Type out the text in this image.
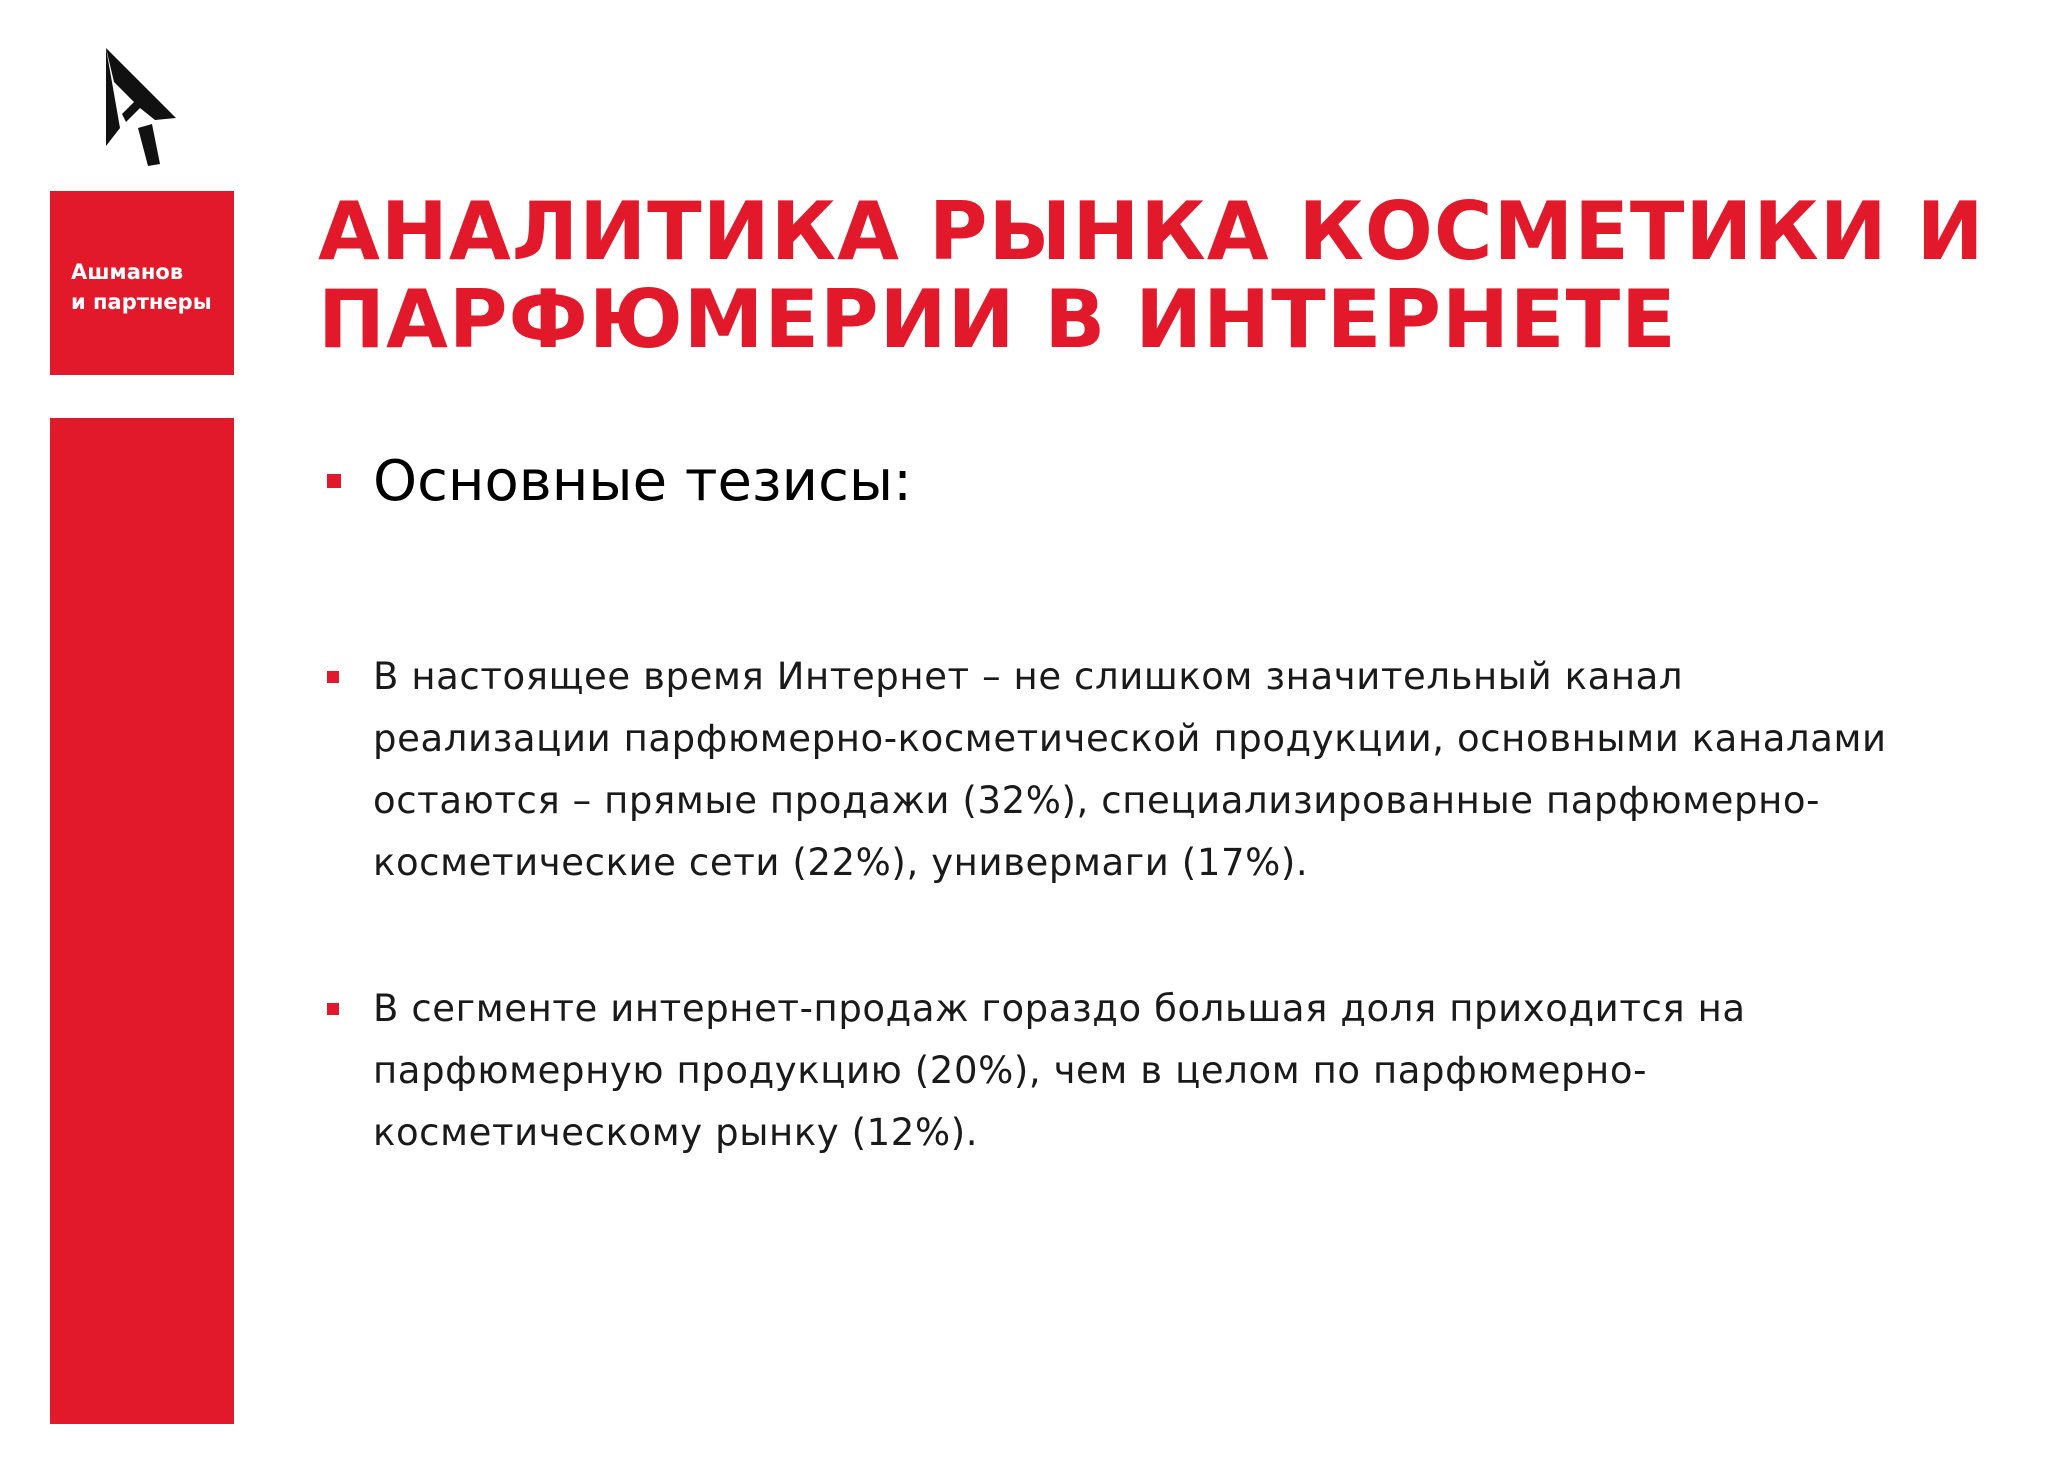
Ашманов
и партнеры
АНАЛИТИКА РЫНКА КОСМЕТИКИ И
ПАРФЮМЕРИИ В ИНТЕРНЕТЕ
Основные тезисы:

В настоящее время Интернет – не слишком значительный канал
реализации парфюмерно-косметической продукции, основными каналами
остаются – прямые продажи (32%), специализированные парфюмерно-
косметические сети (22%), универмаги (17%).

В сегменте интернет-продаж гораздо большая доля приходится на
парфюмерную продукцию (20%), чем в целом по парфюмерно-
косметическому рынку (12%).
